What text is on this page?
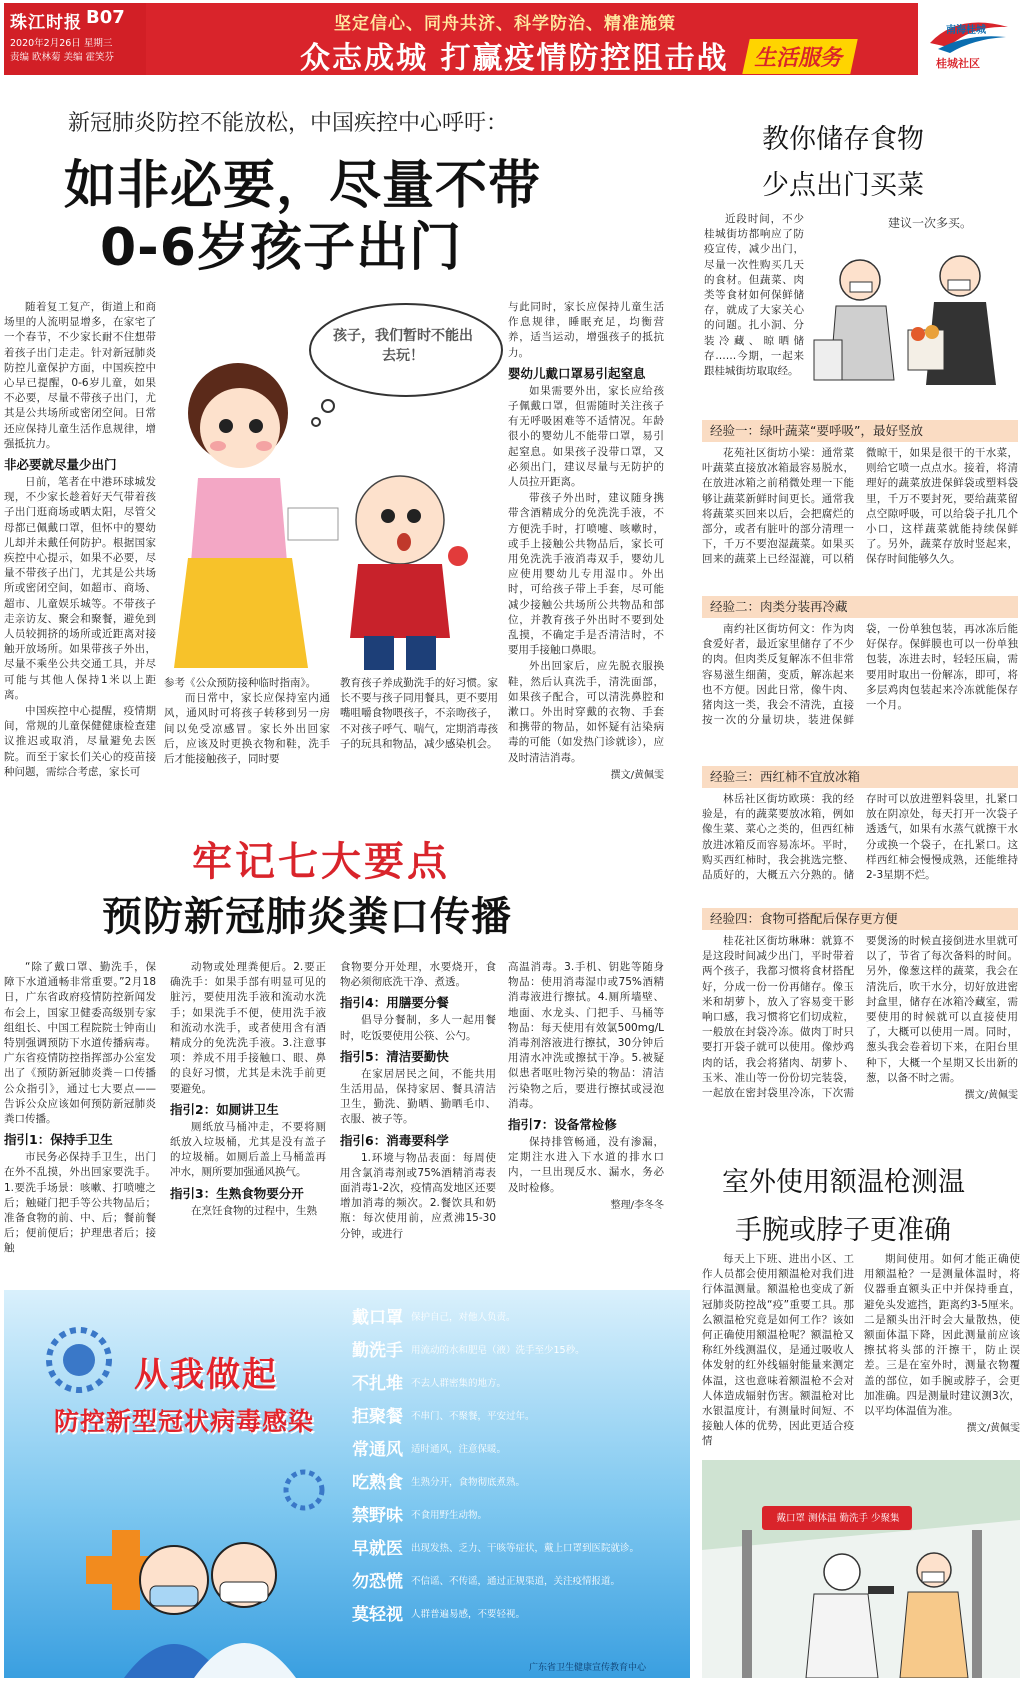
珠江时报 B07
2020年2月26日 星期三
责编 欧林菊 美编 霍笑芬
坚定信心、同舟共济、科学防治、精准施策
众志成城 打赢疫情防控阻击战	生活服务
南海桂城
桂城社区
新冠肺炎防控不能放松，中国疾控中心呼吁：
如非必要，尽量不带
0-6岁孩子出门

随着复工复产，街道上和商场里的人流明显增多，在家宅了一个春节，不少家长耐不住想带着孩子出门走走。针对新冠肺炎防控儿童保护方面，中国疾控中心早已提醒，0-6岁儿童，如果不必要，尽量不带孩子出门，尤其是公共场所或密闭空间。日常还应保持儿童生活作息规律，增强抵抗力。

非必要就尽量少出门

日前，笔者在中港环球城发现，不少家长趁着好天气带着孩子出门逛商场或晒太阳，尽管父母都已佩戴口罩，但怀中的婴幼儿却并未戴任何防护。根据国家疾控中心提示，如果不必要，尽量不带孩子出门，尤其是公共场所或密闭空间，如超市、商场、超市、儿童娱乐城等。不带孩子走亲访友、聚会和聚餐，避免到人员较拥挤的场所或近距离对接触开放场所。如果带孩子外出，尽量不乘坐公共交通工具，并尽可能与其他人保持1米以上距离。

中国疾控中心提醒，疫情期间，常规的儿童保健健康检查建议推迟或取消，尽量避免去医院。而至于家长们关心的疫苗接种问题，需综合考虑，家长可

孩子，我们暂时不能出去玩！
参考《公众预防接种临时指南》。

而日常中，家长应保持室内通风，通风时可将孩子转移到另一房间以免受凉感冒。家长外出回家后，应该及时更换衣物和鞋，洗手后才能接触孩子，同时要

教育孩子养成勤洗手的好习惯。家长不要与孩子同用餐具，更不要用嘴咀嚼食物喂孩子，不亲吻孩子，不对孩子呼气、喘气，定期消毒孩子的玩具和物品，减少感染机会。
与此同时，家长应保持儿童生活作息规律，睡眠充足，均衡营养，适当运动，增强孩子的抵抗力。
婴幼儿戴口罩易引起窒息

如果需要外出，家长应给孩子佩戴口罩，但需随时关注孩子有无呼吸困难等不适情况。年龄很小的婴幼儿不能带口罩，易引起窒息。如果孩子没带口罩，又必须出门，建议尽量与无防护的人员拉开距离。

带孩子外出时，建议随身携带含酒精成分的免洗洗手液，不方便洗手时，打喷嚏、咳嗽时，或手上接触公共物品后，家长可用免洗洗手液消毒双手，婴幼儿应使用婴幼儿专用湿巾。外出时，可给孩子带上手套，尽可能减少接触公共场所公共物品和部位，并教育孩子外出时不要到处乱摸，不确定手是否清洁时，不要用手接触口鼻眼。

外出回家后，应先脱衣服换鞋，然后认真洗手，清洗面部，如果孩子配合，可以清洗鼻腔和漱口。外出时穿戴的衣物、手套和携带的物品，如怀疑有沾染病毒的可能（如发热门诊就诊），应及时清洁消毒。

撰文/黄佩雯
牢记七大要点
预防新冠肺炎粪口传播

“除了戴口罩、勤洗手，保障下水道通畅非常重要。”2月18日，广东省政府疫情防控新闻发布会上，国家卫健委高级别专家组组长、中国工程院院士钟南山特别强调预防下水道传播病毒。广东省疫情防控指挥部办公室发出了《预防新冠肺炎粪－口传播公众指引》，通过七大要点——告诉公众应该如何预防新冠肺炎粪口传播。

指引1：保持手卫生

市民务必保持手卫生，出门在外不乱摸，外出回家要洗手。1.要洗手场景：咳嗽、打喷嚏之后；触碰门把手等公共物品后；准备食物的前、中、后；餐前餐后；便前便后；护理患者后；接触

动物或处理粪便后。2.要正确洗手：如果手部有明显可见的脏污，要使用洗手液和流动水洗手；如果洗手不便，使用洗手液和流动水洗手，或者使用含有酒精成分的免洗洗手液。3.注意事项：养成不用手接触口、眼、鼻的良好习惯，尤其是未洗手前更要避免。

指引2：如厕讲卫生

厕纸放马桶冲走，不要将厕纸放入垃圾桶，尤其是没有盖子的垃圾桶。如厕后盖上马桶盖再冲水，厕所要加强通风换气。

指引3：生熟食物要分开

在烹饪食物的过程中，生熟

食物要分开处理，水要烧开，食物必须彻底洗干净、煮透。
指引4：用膳要分餐

倡导分餐制，多人一起用餐时，吃饭要使用公筷、公勺。

指引5：清洁要勤快

在家居居民之间，不能共用生活用品，保持家居、餐具清洁卫生，勤洗、勤晒、勤晒毛巾、衣服、被子等。

指引6：消毒要科学

1.环境与物品表面：每周使用含氯消毒剂或75%酒精消毒表面消毒1-2次，疫情高发地区还要增加消毒的频次。2.餐饮具和奶瓶：每次使用前，应煮沸15-30分钟，或进行

高温消毒。3.手机、钥匙等随身物品：使用消毒湿巾或75%酒精消毒液进行擦拭。4.厕所墙壁、地面、水龙头、门把手、马桶等物品：每天使用有效氯500mg/L消毒剂溶液进行擦拭，30分钟后用清水冲洗或擦拭干净。5.被疑似患者呕吐物污染的物品：清洁污染物之后，要进行擦拭或浸泡消毒。
指引7：设备常检修

保持排管畅通，没有渗漏，定期注水进入下水道的排水口内，一旦出现反水、漏水，务必及时检修。

整理/李冬冬
从我做起
防控新型冠状病毒感染
戴口罩 保护自己，对他人负责。
勤洗手 用流动的水和肥皂（液）洗手至少15秒。
不扎堆 不去人群密集的地方。
拒聚餐 不串门、不聚餐，平安过年。
常通风 适时通风，注意保暖。
吃熟食 生熟分开，食物彻底煮熟。
禁野味 不食用野生动物。
早就医 出现发热、乏力、干咳等症状，戴上口罩到医院就诊。
勿恐慌 不信谣、不传谣，通过正规渠道，关注疫情报道。
莫轻视 人群普遍易感，不要轻视。
广东省卫生健康宣传教育中心
教你储存食物
少点出门买菜

近段时间，不少桂城街坊都响应了防疫宣传，减少出门，尽量一次性购买几天的食材。但蔬菜、肉类等食材如何保鲜储存，就成了大家关心的问题。扎小洞、分装冷藏、晾晒储存……今期，一起来跟桂城街坊取取经。

建议一次多买。
经验一：绿叶蔬菜“要呼吸”，最好竖放

花苑社区街坊小梁：通常菜叶蔬菜直接放冰箱最容易脱水，在放进冰箱之前稍微处理一下能够让蔬菜新鲜时间更长。通常我将蔬菜买回来以后，会把腐烂的部分，或者有脏叶的部分清理一下，千万不要泡湿蔬菜。如果买回来的蔬菜上已经湿漉，可以稍微晾干，如果是很干的干水菜，则给它喷一点点水。接着，将清理好的蔬菜放进保鲜袋或塑料袋里，千万不要封死，要给蔬菜留点空隙呼吸，可以给袋子扎几个小口，这样蔬菜就能持续保鲜了。另外，蔬菜存放时竖起来，保存时间能够久久。

经验二：肉类分装再冷藏

南约社区街坊何文：作为肉食爱好者，最近家里储存了不少的肉。但肉类反复解冻不但非常容易滋生细菌，变质，解冻起来也不方便。因此日常，像牛肉、猪肉这一类，我会不清洗，直接按一次的分量切块，装进保鲜袋，一份单独包装，再冰冻后能好保存。保鲜膜也可以一份单独包装，冻进去时，轻轻压扁，需要用时取出一份解冻，即可，将多层鸡肉包装起来冷冻就能保存一个月。

经验三：西红柿不宜放冰箱

林岳社区街坊欧瑛：我的经验是，有的蔬菜要放冰箱，例如像生菜、菜心之类的，但西红柿放进冰箱反而容易冻坏。平时，购买西红柿时，我会挑选完整、品质好的，大概五六分熟的。储存时可以放进塑料袋里，扎紧口放在阴凉处，每天打开一次袋子透透气，如果有水蒸气就擦干水分或换一个袋子，在扎紧口。这样西红柿会慢慢成熟，还能维持2-3星期不烂。

经验四：食物可搭配后保存更方便

桂花社区街坊琳琳：就算不是这段时间减少出门，平时带着两个孩子，我都习惯将食材搭配好，分成一份一份再储存。像玉米和胡萝卜，放入了容易变干影响口感，我习惯将它们切成粒，一般放在封袋冷冻。做肉丁时只要打开袋子就可以使用。像炒鸡肉的话，我会将猪肉、胡萝卜、玉米、准山等一份份切完装袋，一起放在密封袋里冷冻，下次需要煲汤的时候直接倒进水里就可以了，节省了每次备料的时间。另外，像葱这样的蔬菜，我会在清洗后，吹干水分，切好放进密封盒里，储存在冰箱冷藏室，需要使用的时候就可以直接使用了，大概可以使用一周。同时，葱头我会卷着切下来，在阳台里种下，大概一个星期又长出新的葱，以备不时之需。

撰文/黄佩雯
室外使用额温枪测温
手腕或脖子更准确

每天上下班、进出小区、工作人员都会使用额温枪对我们进行体温测量。额温枪也变成了新冠肺炎防控战“疫”重要工具。那么额温枪究竟是如何工作？该如何正确使用额温枪呢？额温枪又称红外线测温仪，是通过吸收人体发射的红外线辐射能量来测定体温，这也意味着额温枪不会对人体造成辐射伤害。额温枪对比水银温度计，有测量时间短、不接触人体的优势，因此更适合疫情

期间使用。如何才能正确使用额温枪？一是测量体温时，将仪器垂直额头正中并保持垂直，避免头发遮挡，距离约3-5厘米。二是额头出汗时会大量散热，使额面体温下降，因此测量前应该擦拭将头部的汗擦干，防止误差。三是在室外时，测量衣物覆盖的部位，如手腕或脖子，会更加准确。四是测量时建议测3次，以平均体温值为准。

撰文/黄佩雯
戴口罩 测体温 勤洗手 少聚集
